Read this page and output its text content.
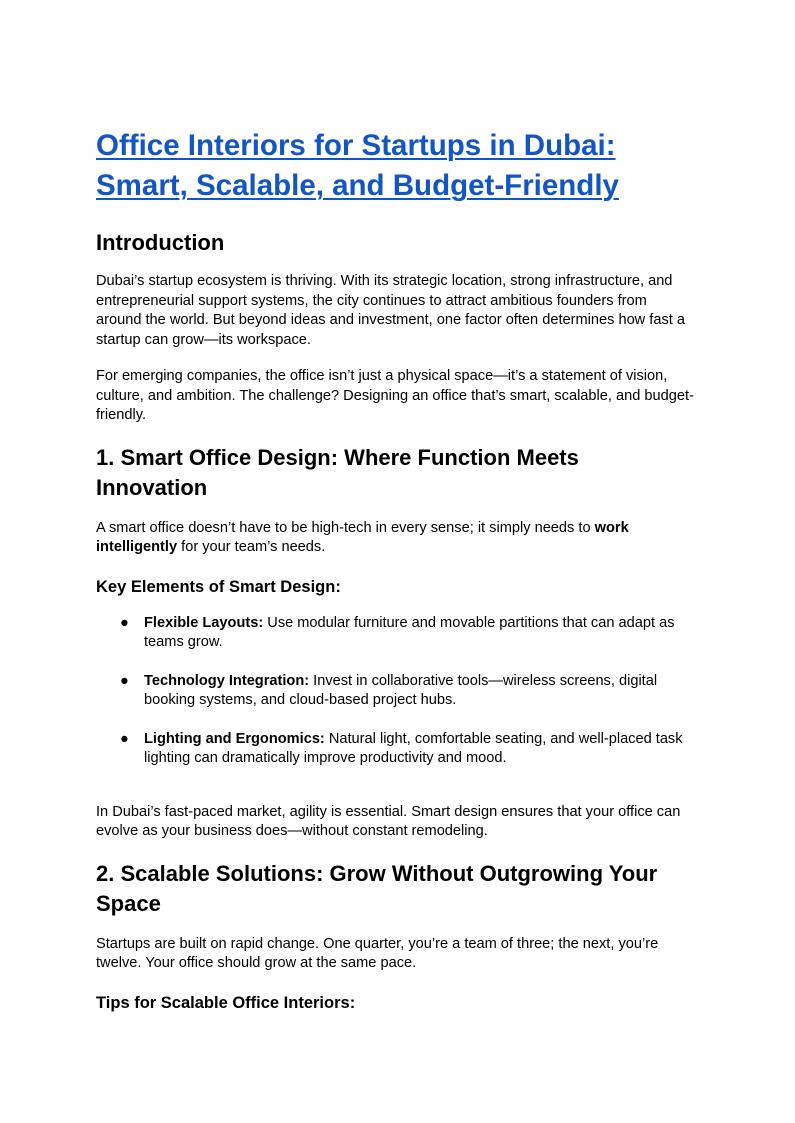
Office Interiors for Startups in Dubai:
Smart, Scalable, and Budget-Friendly
Introduction

Dubai’s startup ecosystem is thriving. With its strategic location, strong infrastructure, and entrepreneurial support systems, the city continues to attract ambitious founders from around the world. But beyond ideas and investment, one factor often determines how fast a startup can grow—its workspace.

For emerging companies, the office isn’t just a physical space—it’s a statement of vision, culture, and ambition. The challenge? Designing an office that’s smart, scalable, and budget-friendly.

1. Smart Office Design: Where Function Meets Innovation

A smart office doesn’t have to be high-tech in every sense; it simply needs to work intelligently for your team’s needs.

Key Elements of Smart Design:
● Flexible Layouts: Use modular furniture and movable partitions that can adapt as teams grow.
● Technology Integration: Invest in collaborative tools—wireless screens, digital booking systems, and cloud-based project hubs.
● Lighting and Ergonomics: Natural light, comfortable seating, and well-placed task lighting can dramatically improve productivity and mood.

In Dubai’s fast-paced market, agility is essential. Smart design ensures that your office can evolve as your business does—without constant remodeling.

2. Scalable Solutions: Grow Without Outgrowing Your Space

Startups are built on rapid change. One quarter, you’re a team of three; the next, you’re twelve. Your office should grow at the same pace.

Tips for Scalable Office Interiors:
